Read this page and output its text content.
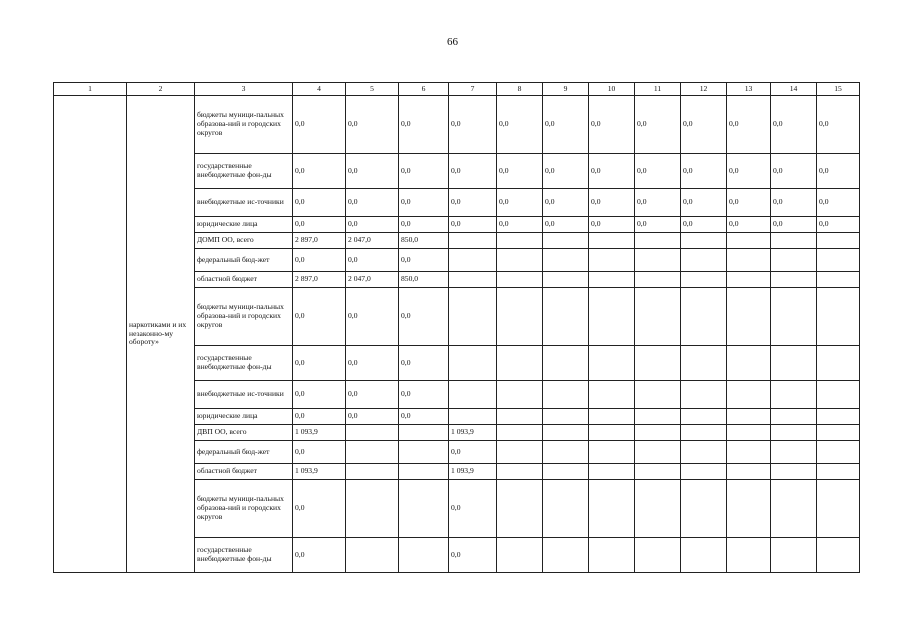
66
1	2	3	4	5	6	7	8	9	10	11	12	13	14	15
	наркотиками и их незаконно-му обороту»	бюджеты муници-пальных образова-ний и городских округов	0,0	0,0	0,0	0,0	0,0	0,0	0,0	0,0	0,0	0,0	0,0	0,0
		государственные внебюджетные фон-ды	0,0	0,0	0,0	0,0	0,0	0,0	0,0	0,0	0,0	0,0	0,0	0,0
		внебюджетные ис-точники	0,0	0,0	0,0	0,0	0,0	0,0	0,0	0,0	0,0	0,0	0,0	0,0
		юридические лица	0,0	0,0	0,0	0,0	0,0	0,0	0,0	0,0	0,0	0,0	0,0	0,0
		ДОМП ОО, всего	2 897,0	2 047,0	850,0									
		федеральный бюд-жет	0,0	0,0	0,0									
		областной бюджет	2 897,0	2 047,0	850,0									
		бюджеты муници-пальных образова-ний и городских округов	0,0	0,0	0,0									
		государственные внебюджетные фон-ды	0,0	0,0	0,0									
		внебюджетные ис-точники	0,0	0,0	0,0									
		юридические лица	0,0	0,0	0,0									
		ДВП ОО, всего	1 093,9			1 093,9								
		федеральный бюд-жет	0,0			0,0								
		областной бюджет	1 093,9			1 093,9								
		бюджеты муници-пальных образова-ний и городских округов	0,0			0,0								
		государственные внебюджетные фон-ды	0,0			0,0								
